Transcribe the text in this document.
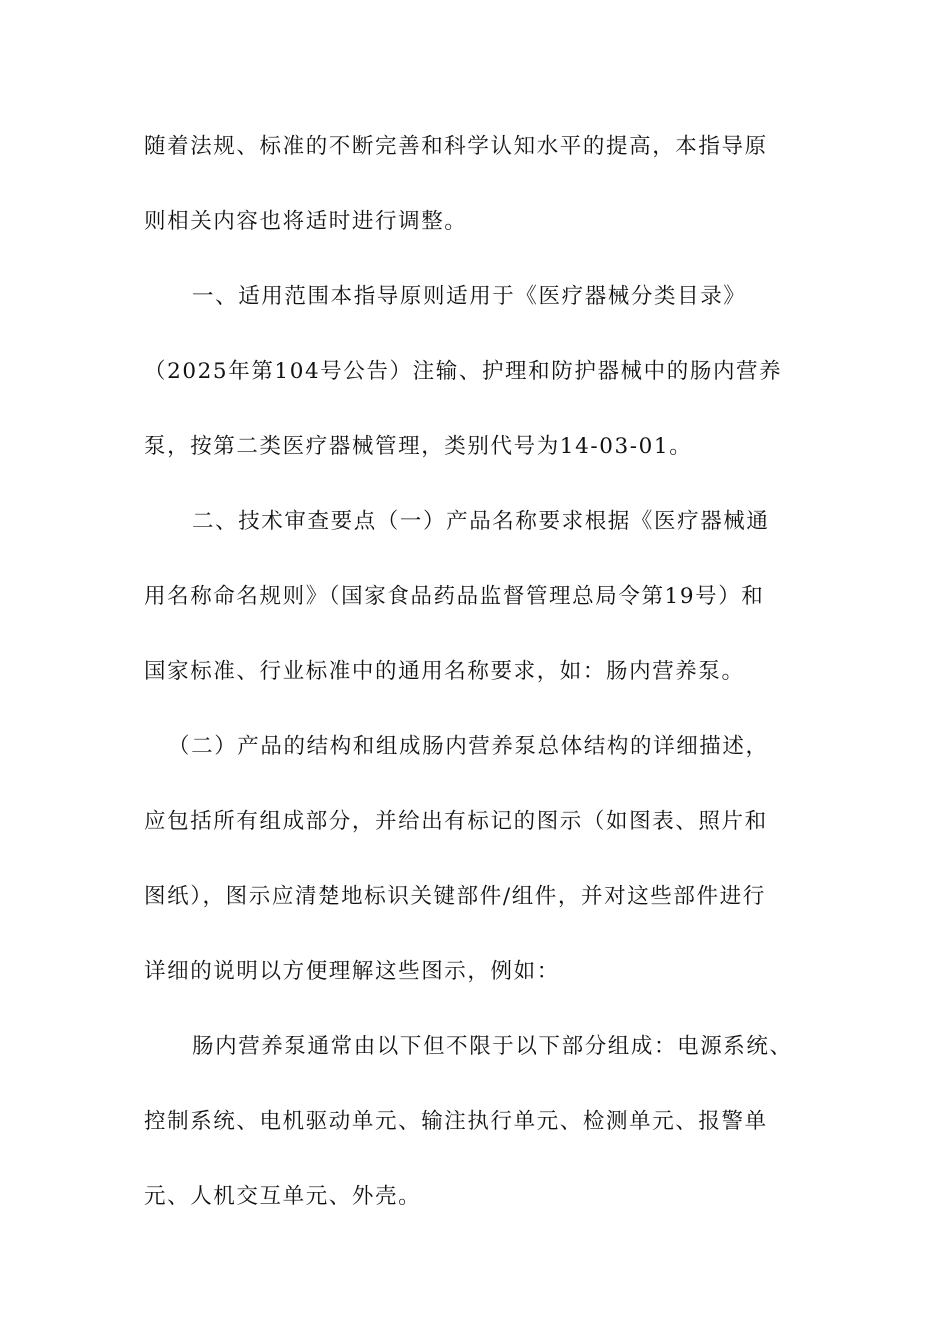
随着法规、标准的不断完善和科学认知水平的提高，本指导原
则相关内容也将适时进行调整。
一、适用范围本指导原则适用于《医疗器械分类目录》
（2025年第104号公告）注输、护理和防护器械中的肠内营养
泵，按第二类医疗器械管理，类别代号为14-03-01。
二、技术审查要点（一）产品名称要求根据《医疗器械通
用名称命名规则》（国家食品药品监督管理总局令第19号）和
国家标准、行业标准中的通用名称要求，如：肠内营养泵。
（二）产品的结构和组成肠内营养泵总体结构的详细描述，
应包括所有组成部分，并给出有标记的图示（如图表、照片和
图纸），图示应清楚地标识关键部件/组件，并对这些部件进行
详细的说明以方便理解这些图示，例如：
肠内营养泵通常由以下但不限于以下部分组成：电源系统、
控制系统、电机驱动单元、输注执行单元、检测单元、报警单
元、人机交互单元、外壳。
